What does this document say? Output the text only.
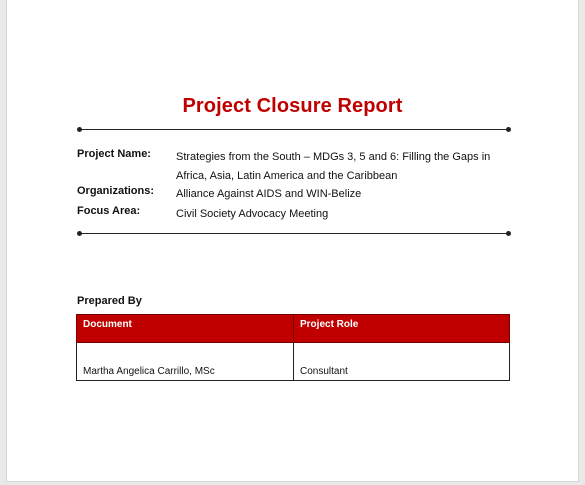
Project Closure Report
Project Name:	Strategies from the South – MDGs 3, 5 and 6: Filling the Gaps in
Africa, Asia, Latin America and the Caribbean
Organizations:	Alliance Against AIDS and WIN-Belize
Focus Area:	Civil Society Advocacy Meeting
Prepared By
Document	Project Role
Martha Angelica Carrillo, MSc	Consultant
